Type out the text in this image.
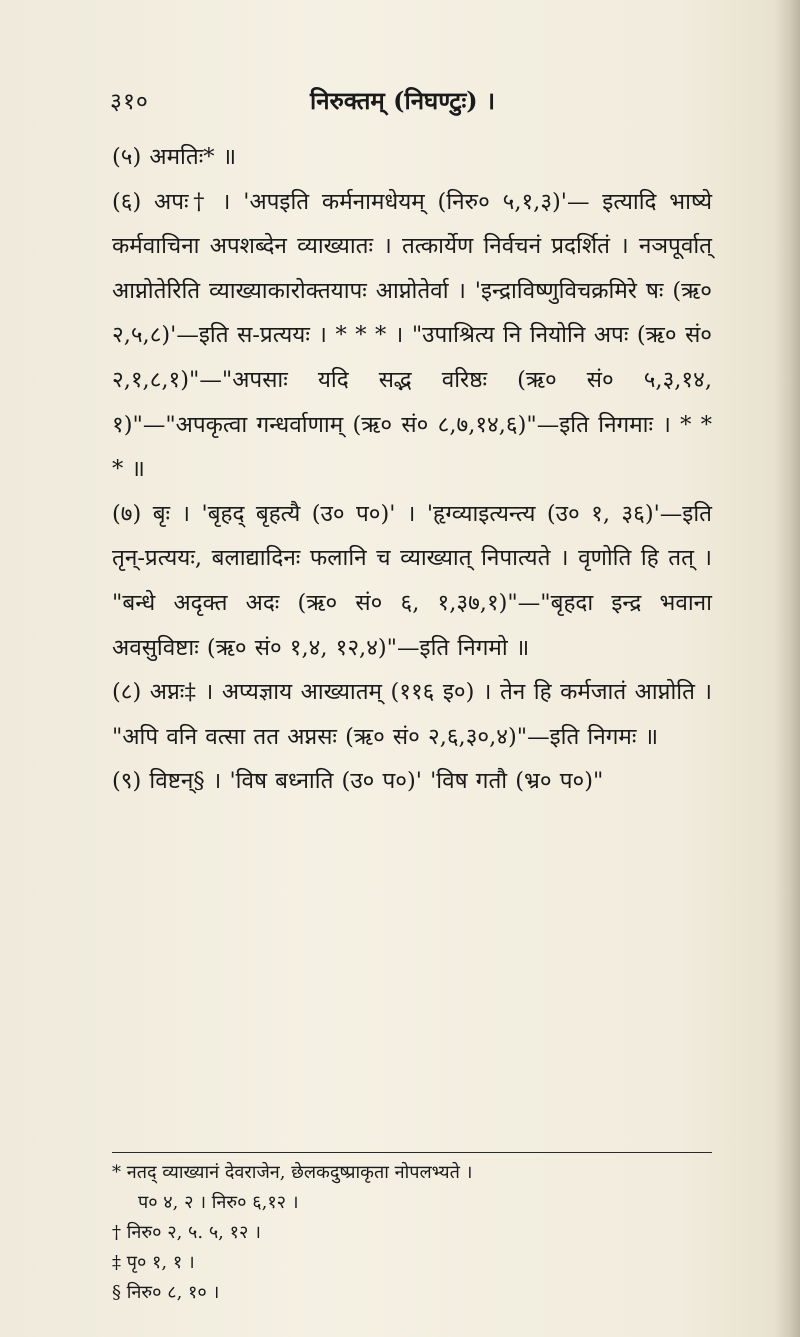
३१०	निरुक्तम् (निघण्टुः) ।

(५) अमतिः* ॥

(६) अपः† । 'अपइति कर्मनामधेयम् (निरु० ५,१,३)'— इत्यादि भाष्ये कर्मवाचिना अपशब्देन व्याख्यातः । तत्कार्येण निर्वचनं प्रदर्शितं । नञपूर्वात् आप्नोतेरिति व्याख्याकारोक्तयापः आप्नोतेर्वा । 'इन्द्राविष्णुविचक्रमिरे षः (ऋ० २,५,८)'—इति स-प्रत्ययः । * * * । "उपाश्रित्य नि नियोनि अपः (ऋ० सं० २,१,८,१)"—"अपसाः यदि सद्भ वरिष्ठः (ऋ० सं० ५,३,१४, १)"—"अपकृत्वा गन्धर्वाणाम् (ऋ० सं० ८,७,१४,६)"—इति निगमाः । * * * ॥

(७) बृः । 'बृहद् बृहत्यै (उ० प०)' । 'हृग्व्याइत्यन्त्य (उ० १, ३६)'—इति तृन्-प्रत्ययः, बलाद्यादिनः फलानि च व्याख्यात् निपात्यते । वृणोति हि तत् । "बन्धे अदृक्त अदः (ऋ० सं० ६, १,३७,१)"—"बृहदा इन्द्र भवाना अवसुविष्टाः (ऋ० सं० १,४, १२,४)"—इति निगमो ॥

(८) अप्नः‡ । अप्यज्ञाय आख्यातम् (११६ इ०) । तेन हि कर्मजातं आप्नोति । "अपि वनि वत्सा तत अप्नसः (ऋ० सं० २,६,३०,४)"—इति निगमः ॥

(९) विष्टन्§ । 'विष बध्नाति (उ० प०)' 'विष गतौ (भ्र० प०)"

* नतद् व्याख्यानं देवराजेन, छेलकदुष्प्राकृता नोपलभ्यते ।

प० ४, २ । निरु० ६,१२ ।

† निरु० २, ५. ५, १२ ।

‡ पृ० १, १ ।

§ निरु० ८, १० ।
